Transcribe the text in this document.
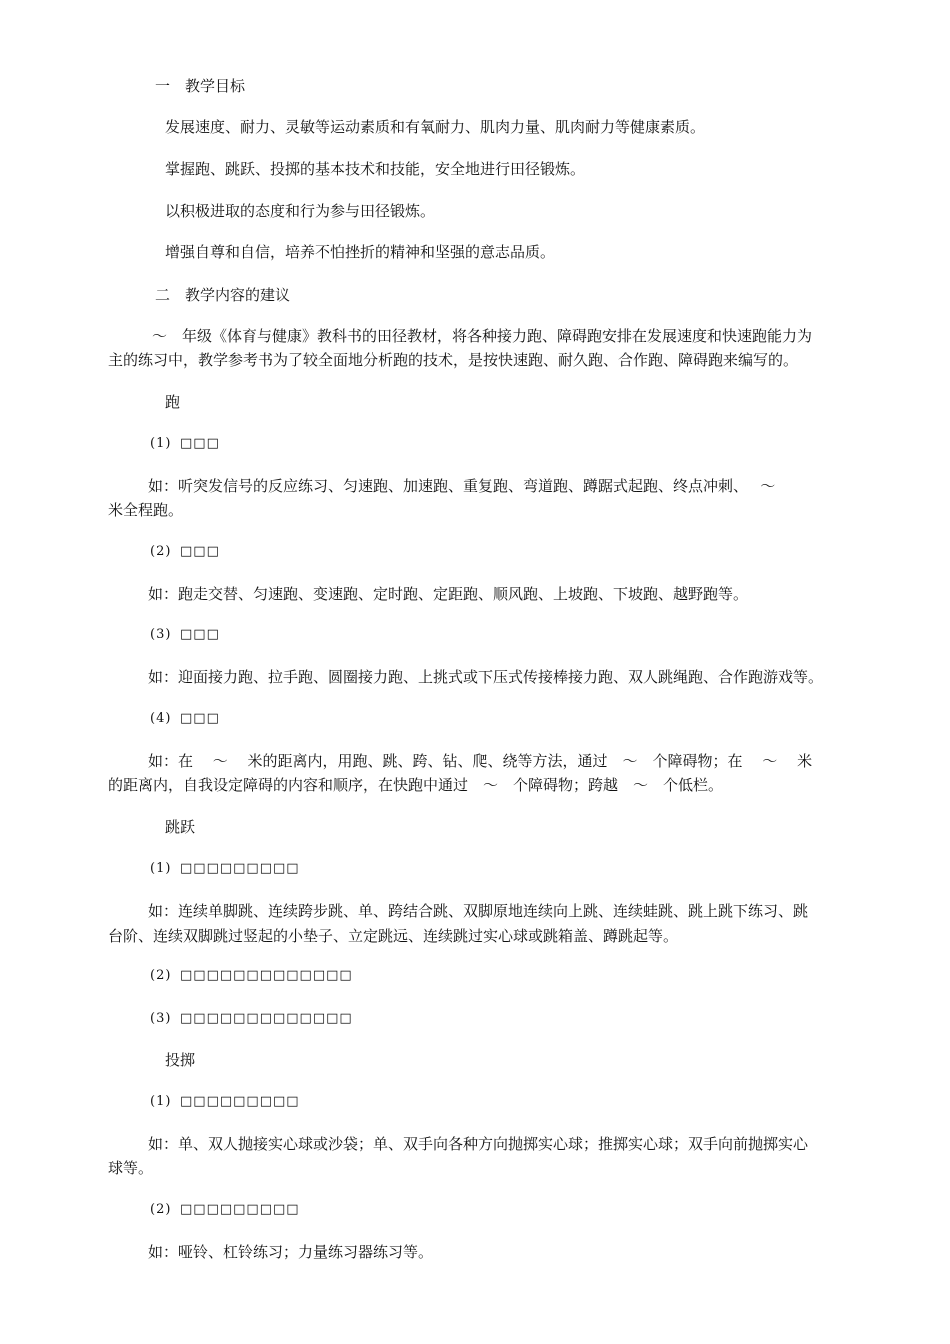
一　教学目标
发展速度、耐力、灵敏等运动素质和有氧耐力、肌肉力量、肌肉耐力等健康素质。
掌握跑、跳跃、投掷的基本技术和技能，安全地进行田径锻炼。
以积极进取的态度和行为参与田径锻炼。
增强自尊和自信，培养不怕挫折的精神和坚强的意志品质。
二　教学内容的建议
～　年级《体育与健康》教科书的田径教材，将各种接力跑、障碍跑安排在发展速度和快速跑能力为
主的练习中，教学参考书为了较全面地分析跑的技术，是按快速跑、耐久跑、合作跑、障碍跑来编写的。
跑
(1) □□□
如：听突发信号的反应练习、匀速跑、加速跑、重复跑、弯道跑、蹲踞式起跑、终点冲刺、　 ～
米全程跑。
(2) □□□
如：跑走交替、匀速跑、变速跑、定时跑、定距跑、顺风跑、上坡跑、下坡跑、越野跑等。
(3) □□□
如：迎面接力跑、拉手跑、圆圈接力跑、上挑式或下压式传接棒接力跑、双人跳绳跑、合作跑游戏等。
(4) □□□
如：在　 ～　 米的距离内，用跑、跳、跨、钻、爬、绕等方法，通过　～　个障碍物；在　 ～　 米
的距离内，自我设定障碍的内容和顺序，在快跑中通过　～　个障碍物；跨越　～　个低栏。
跳跃
(1) □□□□□□□□□
如：连续单脚跳、连续跨步跳、单、跨结合跳、双脚原地连续向上跳、连续蛙跳、跳上跳下练习、跳
台阶、连续双脚跳过竖起的小垫子、立定跳远、连续跳过实心球或跳箱盖、蹲跳起等。
(2) □□□□□□□□□□□□□
(3) □□□□□□□□□□□□□
投掷
(1) □□□□□□□□□
如：单、双人抛接实心球或沙袋；单、双手向各种方向抛掷实心球；推掷实心球；双手向前抛掷实心
球等。
(2) □□□□□□□□□
如：哑铃、杠铃练习；力量练习器练习等。
